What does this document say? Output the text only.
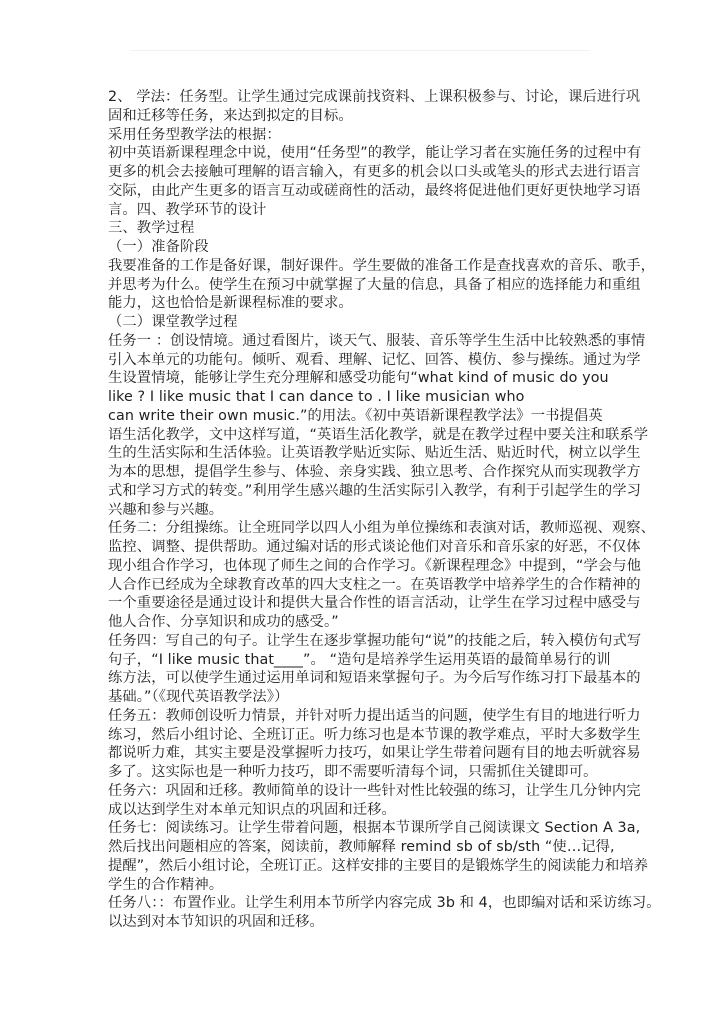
2、 学法：任务型。让学生通过完成课前找资料、上课积极参与、讨论，课后进行巩
固和迁移等任务，来达到拟定的目标。
采用任务型教学法的根据：
初中英语新课程理念中说，使用“任务型”的教学，能让学习者在实施任务的过程中有
更多的机会去接触可理解的语言输入，有更多的机会以口头或笔头的形式去进行语言
交际，由此产生更多的语言互动或磋商性的活动，最终将促进他们更好更快地学习语
言。四、教学环节的设计
三、教学过程
（一）准备阶段
我要准备的工作是备好课，制好课件。学生要做的准备工作是查找喜欢的音乐、歌手，
并思考为什么。使学生在预习中就掌握了大量的信息，具备了相应的选择能力和重组
能力，这也恰恰是新课程标准的要求。
（二）课堂教学过程
任务一 ：创设情境。通过看图片，谈天气、服装、音乐等学生生活中比较熟悉的事情
引入本单元的功能句。倾听、观看、理解、记忆、回答、模仿、参与操练。通过为学
生设置情境，能够让学生充分理解和感受功能句“what kind of music do you
like ? I like music that I can dance to . I like musician who
can write their own music.”的用法。《初中英语新课程教学法》一书提倡英
语生活化教学，文中这样写道，“英语生活化教学，就是在教学过程中要关注和联系学
生的生活实际和生活体验。让英语教学贴近实际、贴近生活、贴近时代，树立以学生
为本的思想，提倡学生参与、体验、亲身实践、独立思考、合作探究从而实现教学方
式和学习方式的转变。”利用学生感兴趣的生活实际引入教学，有利于引起学生的学习
兴趣和参与兴趣。
任务二：分组操练。让全班同学以四人小组为单位操练和表演对话，教师巡视、观察、
监控、调整、提供帮助。通过编对话的形式谈论他们对音乐和音乐家的好恶，不仅体
现小组合作学习，也体现了师生之间的合作学习。《新课程理念》中提到，“学会与他
人合作已经成为全球教育改革的四大支柱之一。在英语教学中培养学生的合作精神的
一个重要途径是通过设计和提供大量合作性的语言活动，让学生在学习过程中感受与
他人合作、分享知识和成功的感受。”
任务四：写自己的句子。让学生在逐步掌握功能句“说”的技能之后，转入模仿句式写
句子，“I like music that____”。 “造句是培养学生运用英语的最简单易行的训
练方法，可以使学生通过运用单词和短语来掌握句子。为今后写作练习打下最基本的
基础。”（《现代英语教学法》）
任务五：教师创设听力情景，并针对听力提出适当的问题，使学生有目的地进行听力
练习，然后小组讨论、全班订正。听力练习也是本节课的教学难点，平时大多数学生
都说听力难，其实主要是没掌握听力技巧，如果让学生带着问题有目的地去听就容易
多了。这实际也是一种听力技巧，即不需要听清每个词，只需抓住关键即可。
任务六：巩固和迁移。教师简单的设计一些针对性比较强的练习，让学生几分钟内完
成以达到学生对本单元知识点的巩固和迁移。
任务七：阅读练习。让学生带着问题，根据本节课所学自己阅读课文 Section A 3a,
然后找出问题相应的答案，阅读前，教师解释 remind sb of sb/sth “使…记得,
提醒”，然后小组讨论，全班订正。这样安排的主要目的是锻炼学生的阅读能力和培养
学生的合作精神。
任务八：：布置作业。让学生利用本节所学内容完成 3b 和 4，也即编对话和采访练习。
以达到对本节知识的巩固和迁移。
